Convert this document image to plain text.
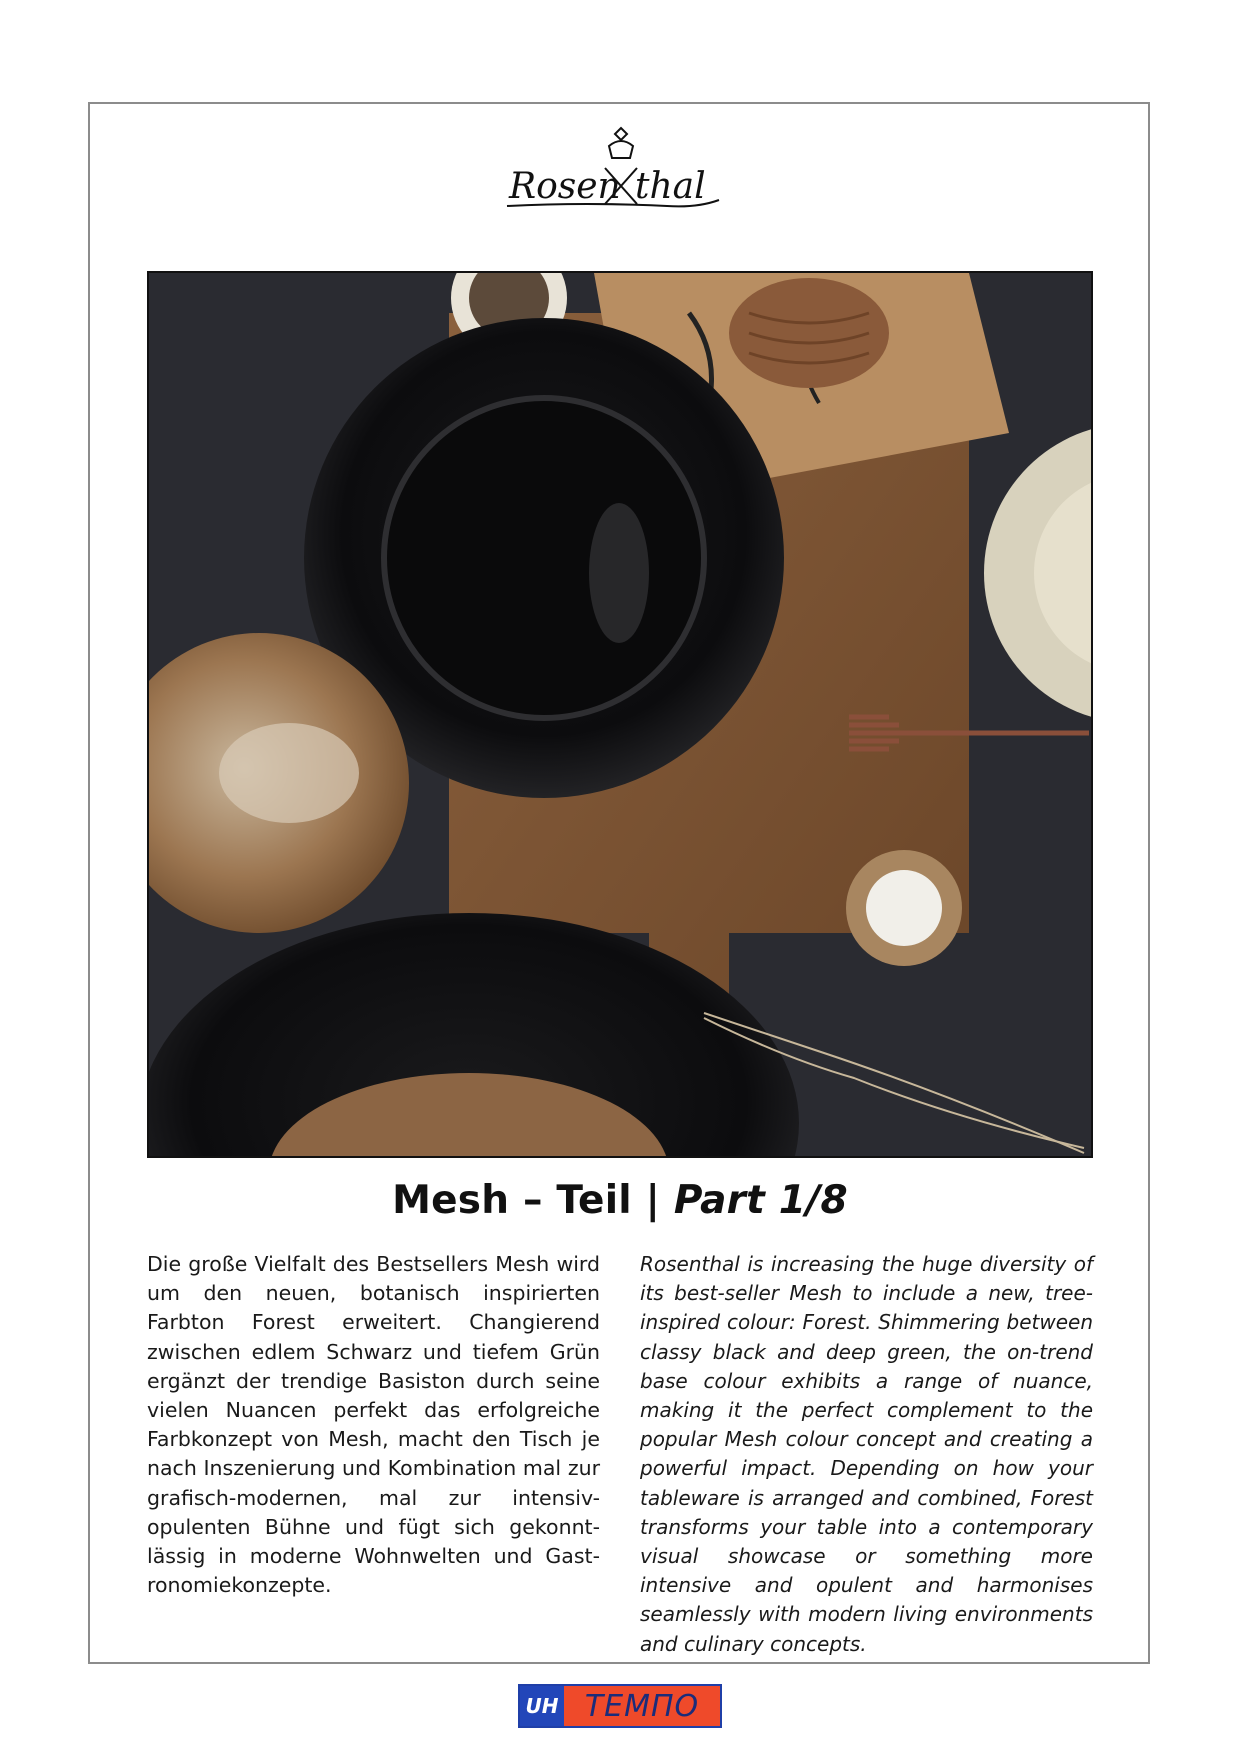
Rosen thal
Mesh – Teil | Part 1/8

Die große Vielfalt des Bestsellers Mesh wird um den neuen, botanisch inspirierten Farbton Forest erweitert. Changierend zwischen edlem Schwarz und tiefem Grün ergänzt der trendige Basiston durch seine vielen Nuancen perfekt das erfolgreiche Farbkonzept von Mesh, macht den Tisch je nach Inszenierung und Kombination mal zur grafisch-modernen, mal zur intensiv-opulenten Bühne und fügt sich gekonnt-lässig in moderne Wohnwelten und Gastronomiekonzepte.

Rosenthal is increasing the huge diversity of its best-seller Mesh to include a new, tree-inspired colour: Forest. Shimmering between classy black and deep green, the on-trend base colour exhibits a range of nuance, making it the perfect complement to the popular Mesh colour concept and creating a powerful impact. Depending on how your tableware is arranged and combined, Forest transforms your table into a contemporary visual showcase or something more intensive and opulent and harmonises seamlessly with modern living environments and culinary concepts.

UH ТЕМПО
